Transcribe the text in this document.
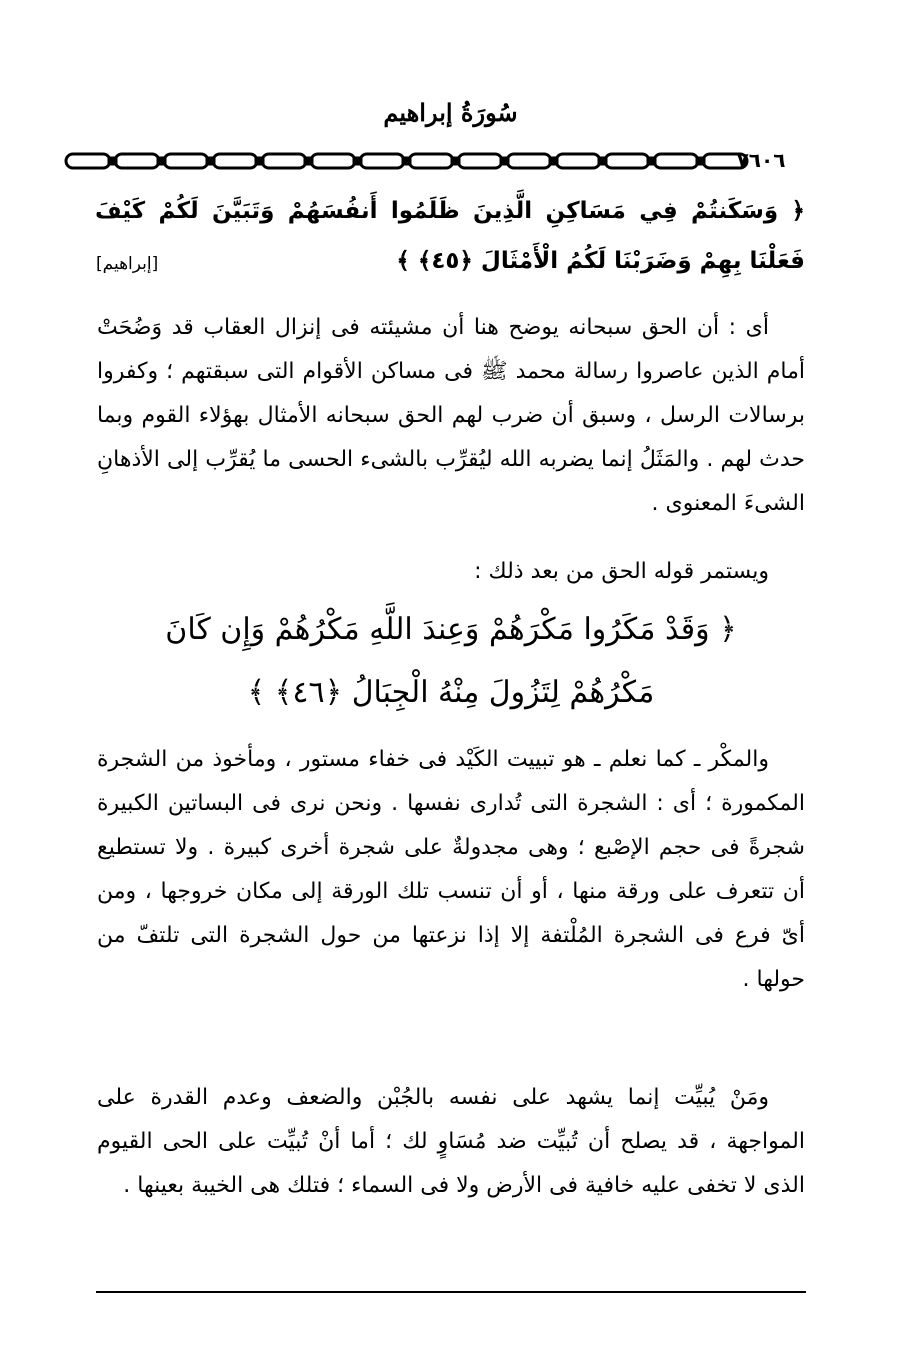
سُورَةُ إبراهيم
٧٦٠٦
﴿ وَسَكَنتُمْ فِي مَسَاكِنِ الَّذِينَ ظَلَمُوا أَنفُسَهُمْ وَتَبَيَّنَ لَكُمْ كَيْفَ فَعَلْنَا بِهِمْ وَضَرَبْنَا لَكُمُ الْأَمْثَالَ ﴿٤٥﴾ ﴾
[إبراهيم]
أى : أن الحق سبحانه يوضح هنا أن مشيئته فى إنزال العقاب قد وَضُحَتْ أمام الذين عاصروا رسالة محمد ﷺ فى مساكن الأقوام التى سبقتهم ؛ وكفروا برسالات الرسل ، وسبق أن ضرب لهم الحق سبحانه الأمثال بهؤلاء القوم وبما حدث لهم . والمَثَلُ إنما يضربه الله ليُقرِّب بالشىء الحسى ما يُقرِّب إلى الأذهانِ الشىءَ المعنوى .
ويستمر قوله الحق من بعد ذلك :
﴿ وَقَدْ مَكَرُوا مَكْرَهُمْ وَعِندَ اللَّهِ مَكْرُهُمْ وَإِن كَانَ
مَكْرُهُمْ لِتَزُولَ مِنْهُ الْجِبَالُ ﴿٤٦﴾ ﴾
والمكْر ـ كما نعلم ـ هو تبييت الكَيْد فى خفاء مستور ، ومأخوذ من الشجرة المكمورة ؛ أى : الشجرة التى تُدارى نفسها . ونحن نرى فى البساتين الكبيرة شجرةً فى حجم الإصْبع ؛ وهى مجدولةٌ على شجرة أخرى كبيرة . ولا تستطيع أن تتعرف على ورقة منها ، أو أن تنسب تلك الورقة إلى مكان خروجها ، ومن أىّ فرع فى الشجرة المُلْتفة إلا إذا نزعتها من حول الشجرة التى تلتفّ من حولها .
ومَنْ يُبيِّت إنما يشهد على نفسه بالجُبْن والضعف وعدم القدرة على المواجهة ، قد يصلح أن تُبيِّت ضد مُسَاوٍ لك ؛ أما أنْ تُبيِّت على الحى القيوم الذى لا تخفى عليه خافية فى الأرض ولا فى السماء ؛ فتلك هى الخيبة بعينها .
